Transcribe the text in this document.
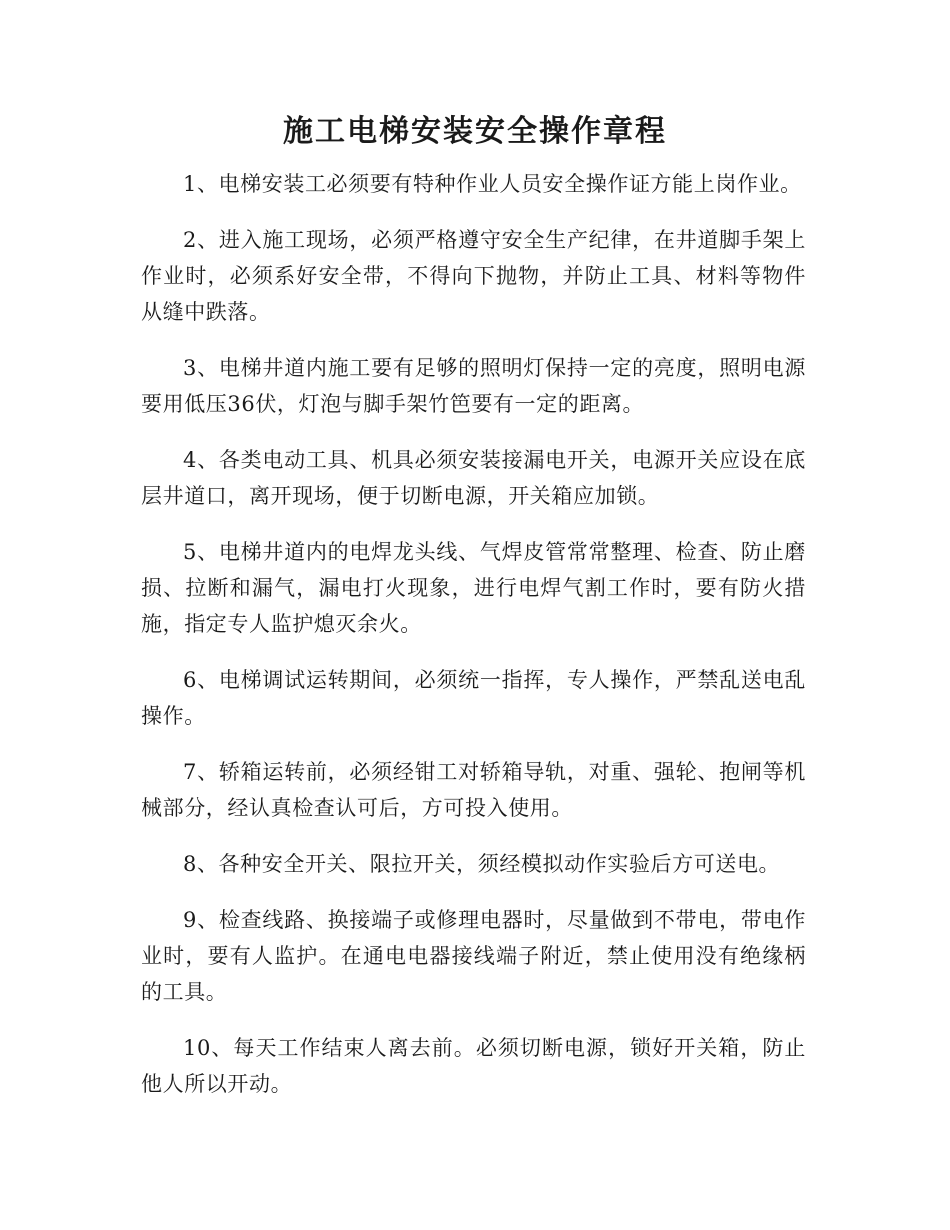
施工电梯安装安全操作章程

1、电梯安装工必须要有特种作业人员安全操作证方能上岗作业。

2、进入施工现场，必须严格遵守安全生产纪律，在井道脚手架上作业时，必须系好安全带，不得向下抛物，并防止工具、材料等物件从缝中跌落。

3、电梯井道内施工要有足够的照明灯保持一定的亮度，照明电源要用低压36伏，灯泡与脚手架竹笆要有一定的距离。

4、各类电动工具、机具必须安装接漏电开关，电源开关应设在底层井道口，离开现场，便于切断电源，开关箱应加锁。

5、电梯井道内的电焊龙头线、气焊皮管常常整理、检查、防止磨损、拉断和漏气，漏电打火现象，进行电焊气割工作时，要有防火措施，指定专人监护熄灭余火。

6、电梯调试运转期间，必须统一指挥，专人操作，严禁乱送电乱操作。

7、轿箱运转前，必须经钳工对轿箱导轨，对重、强轮、抱闸等机械部分，经认真检查认可后，方可投入使用。

8、各种安全开关、限拉开关，须经模拟动作实验后方可送电。

9、检查线路、换接端子或修理电器时，尽量做到不带电，带电作业时，要有人监护。在通电电器接线端子附近，禁止使用没有绝缘柄的工具。

10、每天工作结束人离去前。必须切断电源，锁好开关箱，防止他人所以开动。
